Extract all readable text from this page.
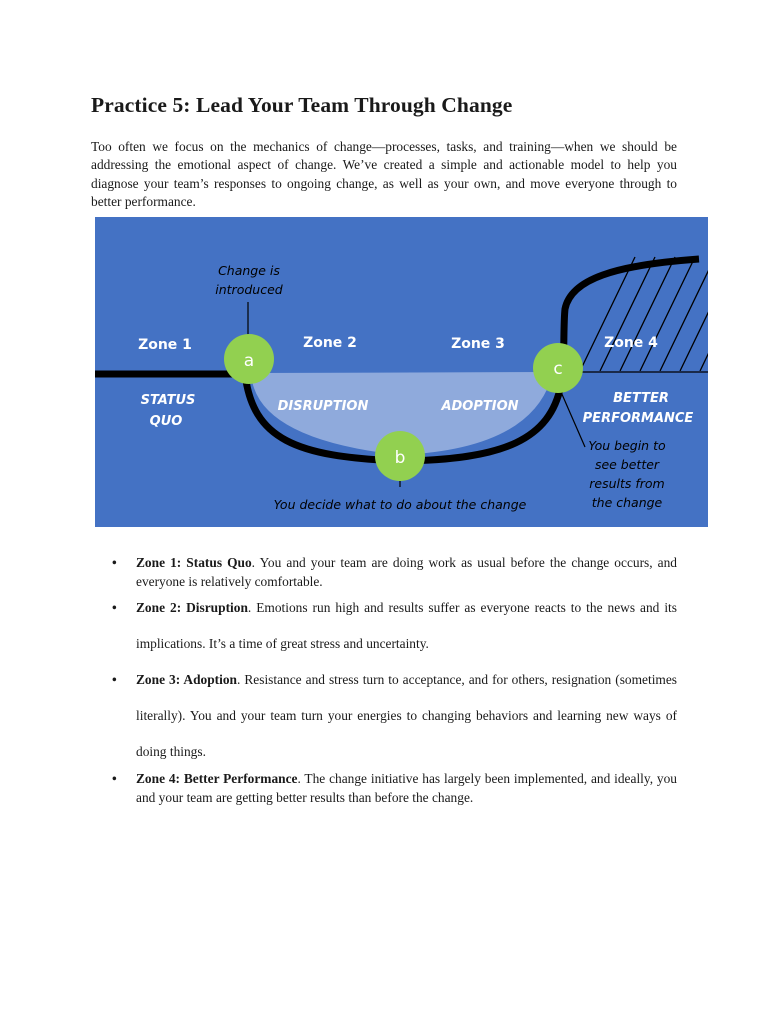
Practice 5: Lead Your Team Through Change

Too often we focus on the mechanics of change—processes, tasks, and training—when we should be addressing the emotional aspect of change. We’ve created a simple and actionable model to help you diagnose your team’s responses to ongoing change, as well as your own, and move everyone through to better performance.

Change is
introduced
Zone 1	Zone 2	Zone 3	Zone 4
STATUS
QUO
DISRUPTION	ADOPTION
BETTER
PERFORMANCE
a
b
c
You decide what to do about the change
You begin to
see better
results from
the change
• Zone 1: Status Quo. You and your team are doing work as usual before the change occurs, and everyone is relatively comfortable.
• Zone 2: Disruption. Emotions run high and results suffer as everyone reacts to the news and its implications. It’s a time of great stress and uncertainty.
• Zone 3: Adoption. Resistance and stress turn to acceptance, and for others, resignation (sometimes literally). You and your team turn your energies to changing behaviors and learning new ways of doing things.
• Zone 4: Better Performance. The change initiative has largely been implemented, and ideally, you and your team are getting better results than before the change.
